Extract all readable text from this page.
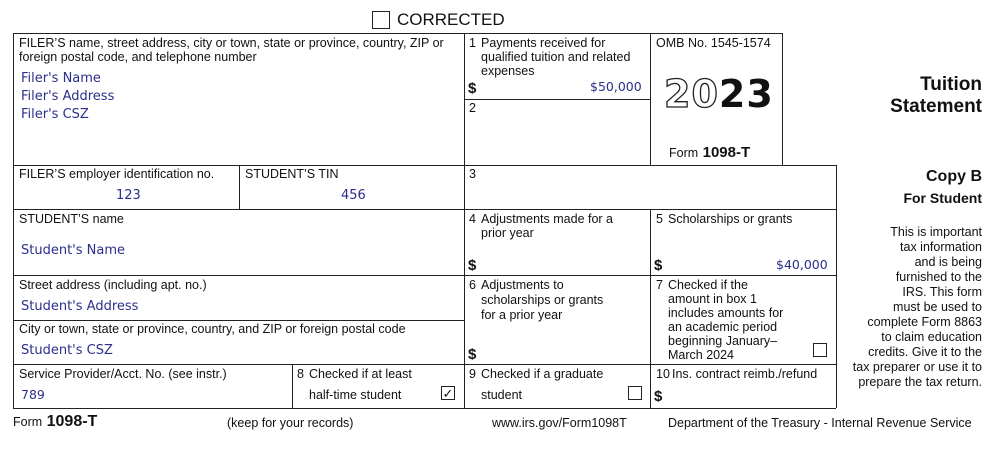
CORRECTED
FILER’S name, street address, city or town, state or province, country, ZIP or foreign postal code, and telephone number
Filer's Name
Filer's Address
Filer's CSZ
1 Payments received for qualified tuition and related expenses
$	$50,000
2
OMB No. 1545-1574
2023
Form 1098-T
Tuition
Statement
FILER’S employer identification no.
123
STUDENT’S TIN
456
3	Copy B
For Student
This is important
tax information
and is being
furnished to the
IRS. This form
must be used to
complete Form 8863
to claim education
credits. Give it to the
tax preparer or use it to
prepare the tax return.
STUDENT’S name
Student's Name
4 Adjustments made for a prior year
$
5 Scholarships or grants
$	$40,000
Street address (including apt. no.)
Student's Address
6 Adjustments to scholarships or grants for a prior year
$
7 Checked if the amount in box 1 includes amounts for an academic period beginning January– March 2024
City or town, state or province, country, and ZIP or foreign postal code
Student's CSZ
Service Provider/Acct. No. (see instr.)
789
8 Checked if at least
half-time student	✓
9 Checked if a graduate
student
10 Ins. contract reimb./refund
$
Form 1098-T	(keep for your records)	www.irs.gov/Form1098T	Department of the Treasury - Internal Revenue Service
